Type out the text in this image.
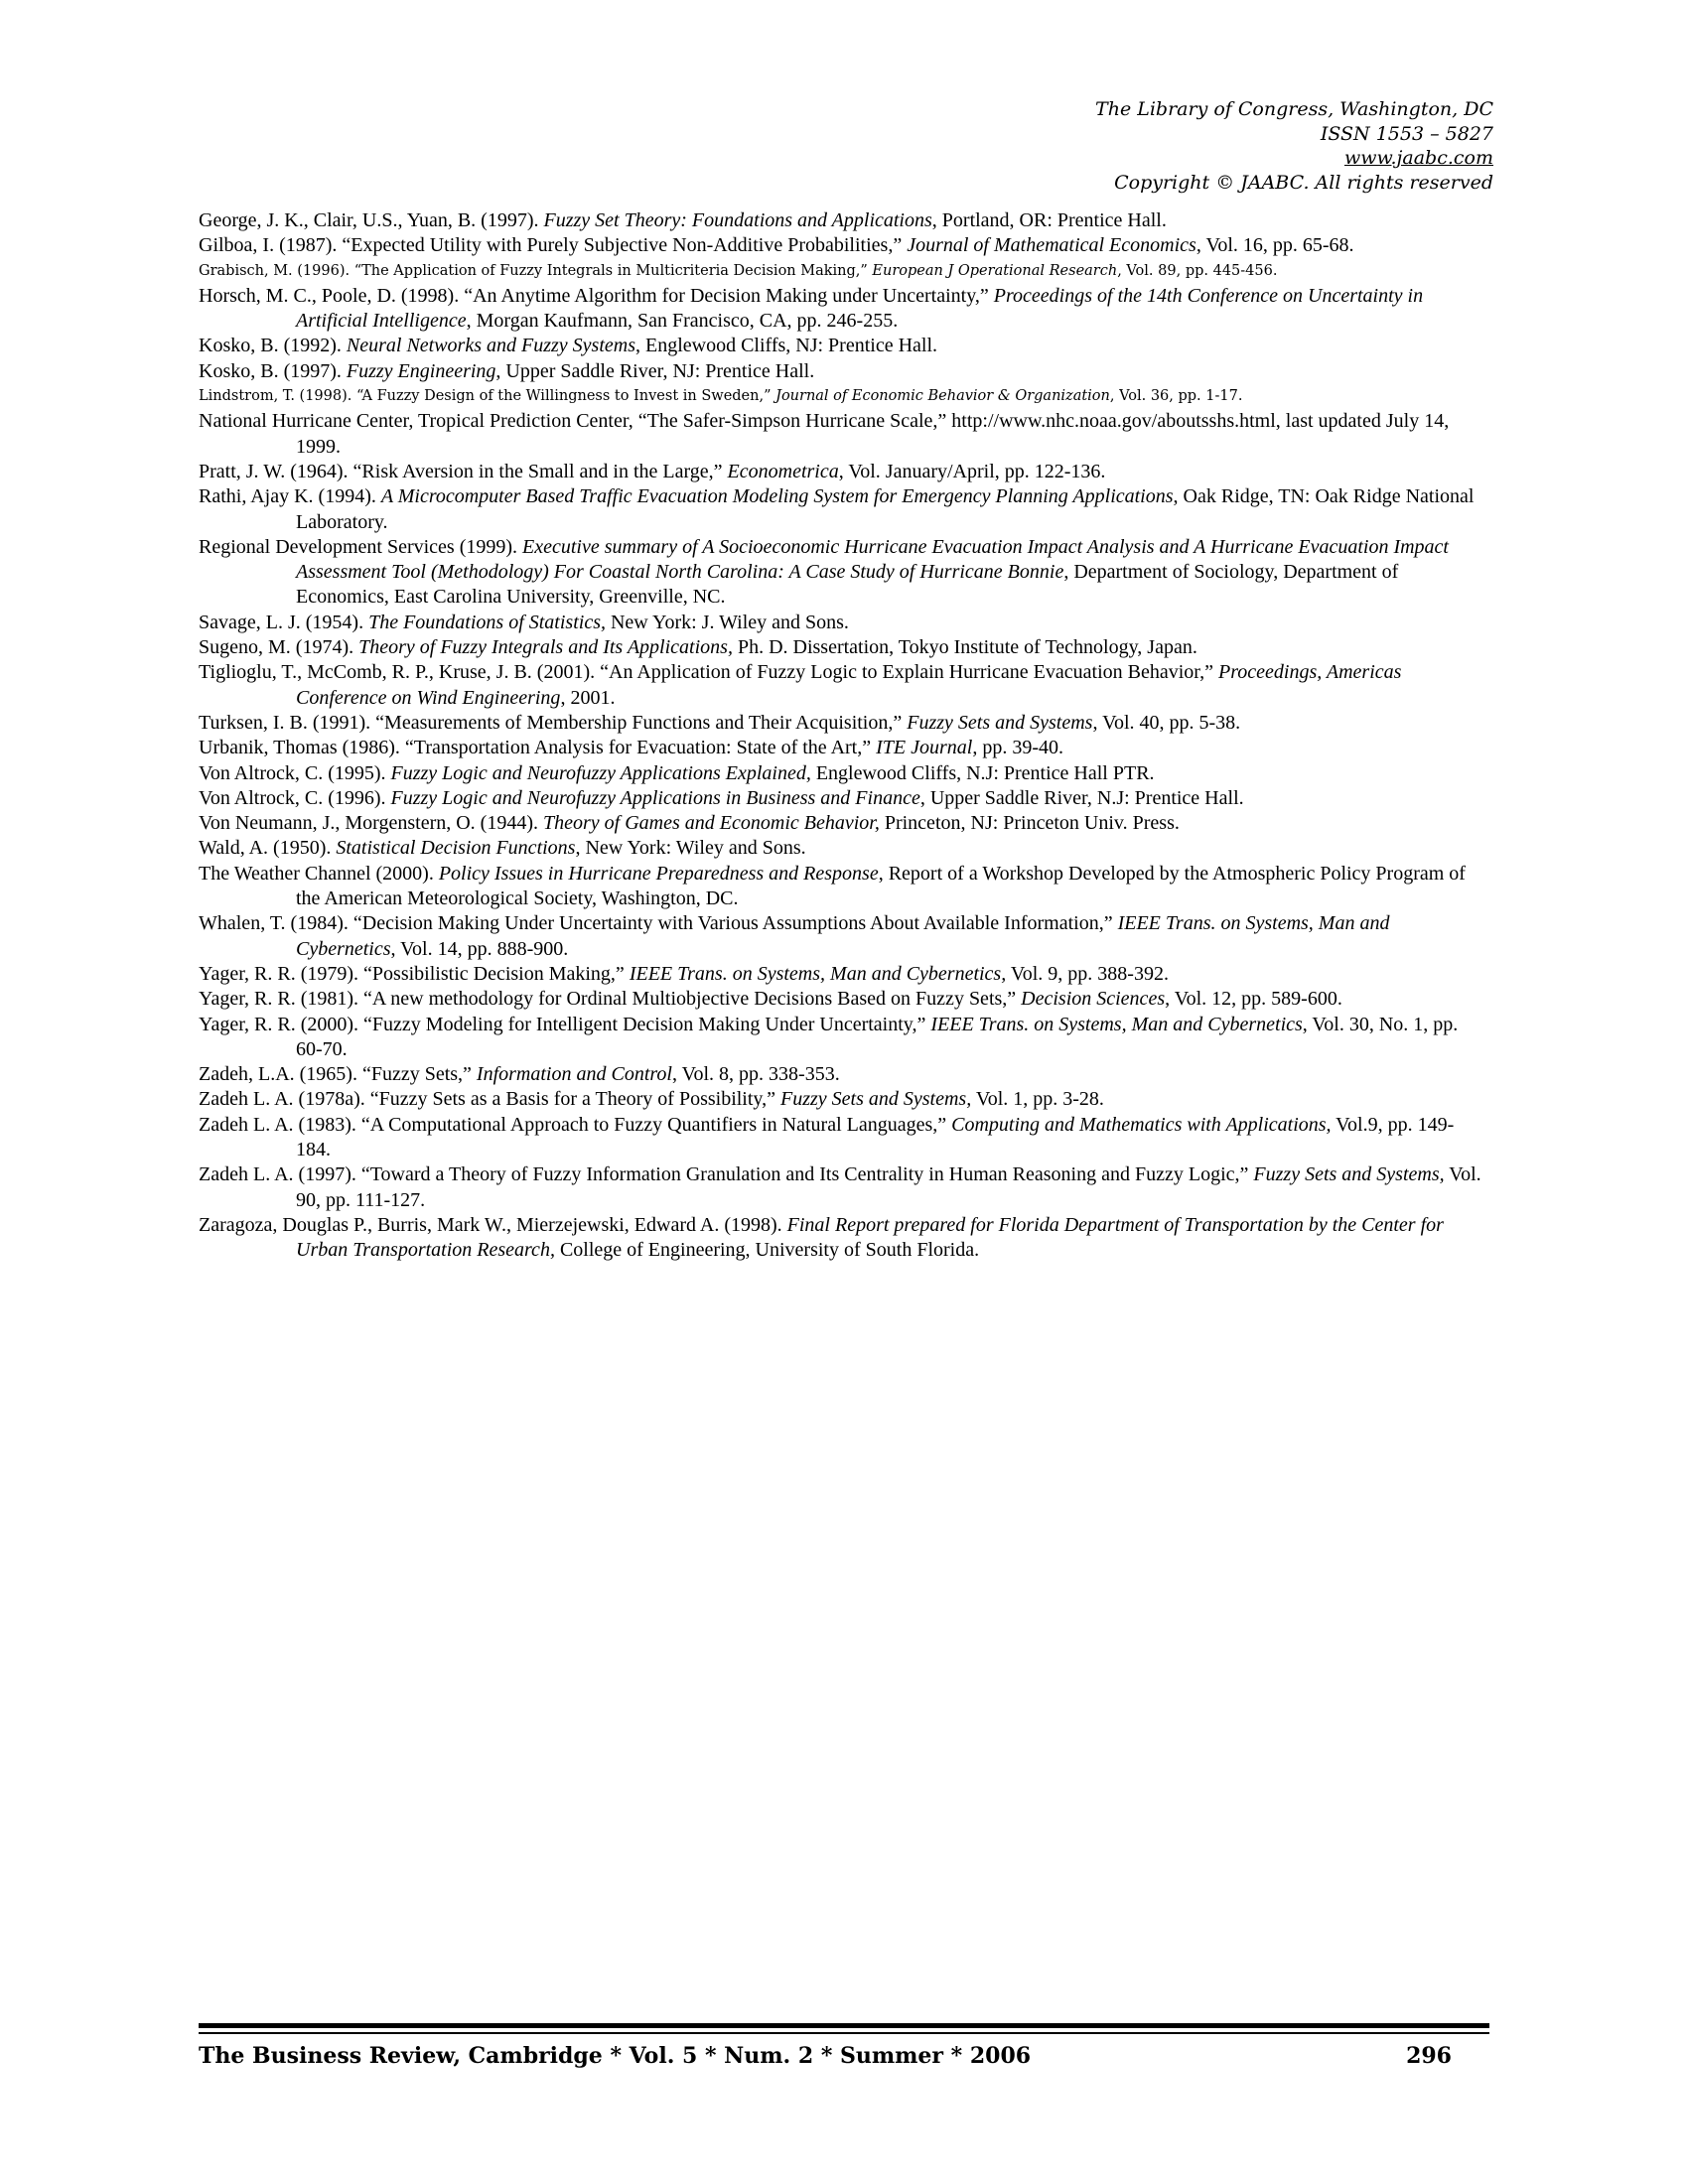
The Library of Congress, Washington, DC
ISSN 1553 – 5827
www.jaabc.com
Copyright © JAABC. All rights reserved

George, J. K., Clair, U.S., Yuan, B. (1997). Fuzzy Set Theory: Foundations and Applications, Portland, OR: Prentice Hall.

Gilboa, I. (1987). “Expected Utility with Purely Subjective Non-Additive Probabilities,” Journal of Mathematical Economics, Vol. 16, pp. 65-68.

Grabisch, M. (1996). “The Application of Fuzzy Integrals in Multicriteria Decision Making,” European J Operational Research, Vol. 89, pp. 445-456.

Horsch, M. C., Poole, D. (1998). “An Anytime Algorithm for Decision Making under Uncertainty,” Proceedings of the 14th Conference on Uncertainty in Artificial Intelligence, Morgan Kaufmann, San Francisco, CA, pp. 246-255.

Kosko, B. (1992). Neural Networks and Fuzzy Systems, Englewood Cliffs, NJ: Prentice Hall.

Kosko, B. (1997). Fuzzy Engineering, Upper Saddle River, NJ: Prentice Hall.

Lindstrom, T. (1998). “A Fuzzy Design of the Willingness to Invest in Sweden,” Journal of Economic Behavior & Organization, Vol. 36, pp. 1-17.

National Hurricane Center, Tropical Prediction Center, “The Safer-Simpson Hurricane Scale,” http://www.nhc.noaa.gov/aboutsshs.html, last updated July 14, 1999.

Pratt, J. W. (1964). “Risk Aversion in the Small and in the Large,” Econometrica, Vol. January/April, pp. 122-136.

Rathi, Ajay K. (1994). A Microcomputer Based Traffic Evacuation Modeling System for Emergency Planning Applications, Oak Ridge, TN: Oak Ridge National Laboratory.

Regional Development Services (1999). Executive summary of A Socioeconomic Hurricane Evacuation Impact Analysis and A Hurricane Evacuation Impact Assessment Tool (Methodology) For Coastal North Carolina: A Case Study of Hurricane Bonnie, Department of Sociology, Department of Economics, East Carolina University, Greenville, NC.

Savage, L. J. (1954). The Foundations of Statistics, New York: J. Wiley and Sons.

Sugeno, M. (1974). Theory of Fuzzy Integrals and Its Applications, Ph. D. Dissertation, Tokyo Institute of Technology, Japan.

Tiglioglu, T., McComb, R. P., Kruse, J. B. (2001). “An Application of Fuzzy Logic to Explain Hurricane Evacuation Behavior,” Proceedings, Americas Conference on Wind Engineering, 2001.

Turksen, I. B. (1991). “Measurements of Membership Functions and Their Acquisition,” Fuzzy Sets and Systems, Vol. 40, pp. 5-38.

Urbanik, Thomas (1986). “Transportation Analysis for Evacuation: State of the Art,” ITE Journal, pp. 39-40.

Von Altrock, C. (1995). Fuzzy Logic and Neurofuzzy Applications Explained, Englewood Cliffs, N.J: Prentice Hall PTR.

Von Altrock, C. (1996). Fuzzy Logic and Neurofuzzy Applications in Business and Finance, Upper Saddle River, N.J: Prentice Hall.

Von Neumann, J., Morgenstern, O. (1944). Theory of Games and Economic Behavior, Princeton, NJ: Princeton Univ. Press.

Wald, A. (1950). Statistical Decision Functions, New York: Wiley and Sons.

The Weather Channel (2000). Policy Issues in Hurricane Preparedness and Response, Report of a Workshop Developed by the Atmospheric Policy Program of the American Meteorological Society, Washington, DC.

Whalen, T. (1984). “Decision Making Under Uncertainty with Various Assumptions About Available Information,” IEEE Trans. on Systems, Man and Cybernetics, Vol. 14, pp. 888-900.

Yager, R. R. (1979). “Possibilistic Decision Making,” IEEE Trans. on Systems, Man and Cybernetics, Vol. 9, pp. 388-392.

Yager, R. R. (1981). “A new methodology for Ordinal Multiobjective Decisions Based on Fuzzy Sets,” Decision Sciences, Vol. 12, pp. 589-600.

Yager, R. R. (2000). “Fuzzy Modeling for Intelligent Decision Making Under Uncertainty,” IEEE Trans. on Systems, Man and Cybernetics, Vol. 30, No. 1, pp. 60-70.

Zadeh, L.A. (1965). “Fuzzy Sets,” Information and Control, Vol. 8, pp. 338-353.

Zadeh L. A. (1978a). “Fuzzy Sets as a Basis for a Theory of Possibility,” Fuzzy Sets and Systems, Vol. 1, pp. 3-28.

Zadeh L. A. (1983). “A Computational Approach to Fuzzy Quantifiers in Natural Languages,” Computing and Mathematics with Applications, Vol.9, pp. 149-184.

Zadeh L. A. (1997). “Toward a Theory of Fuzzy Information Granulation and Its Centrality in Human Reasoning and Fuzzy Logic,” Fuzzy Sets and Systems, Vol. 90, pp. 111-127.

Zaragoza, Douglas P., Burris, Mark W., Mierzejewski, Edward A. (1998). Final Report prepared for Florida Department of Transportation by the Center for Urban Transportation Research, College of Engineering, University of South Florida.

The Business Review, Cambridge * Vol. 5 * Num. 2 * Summer * 2006	296
